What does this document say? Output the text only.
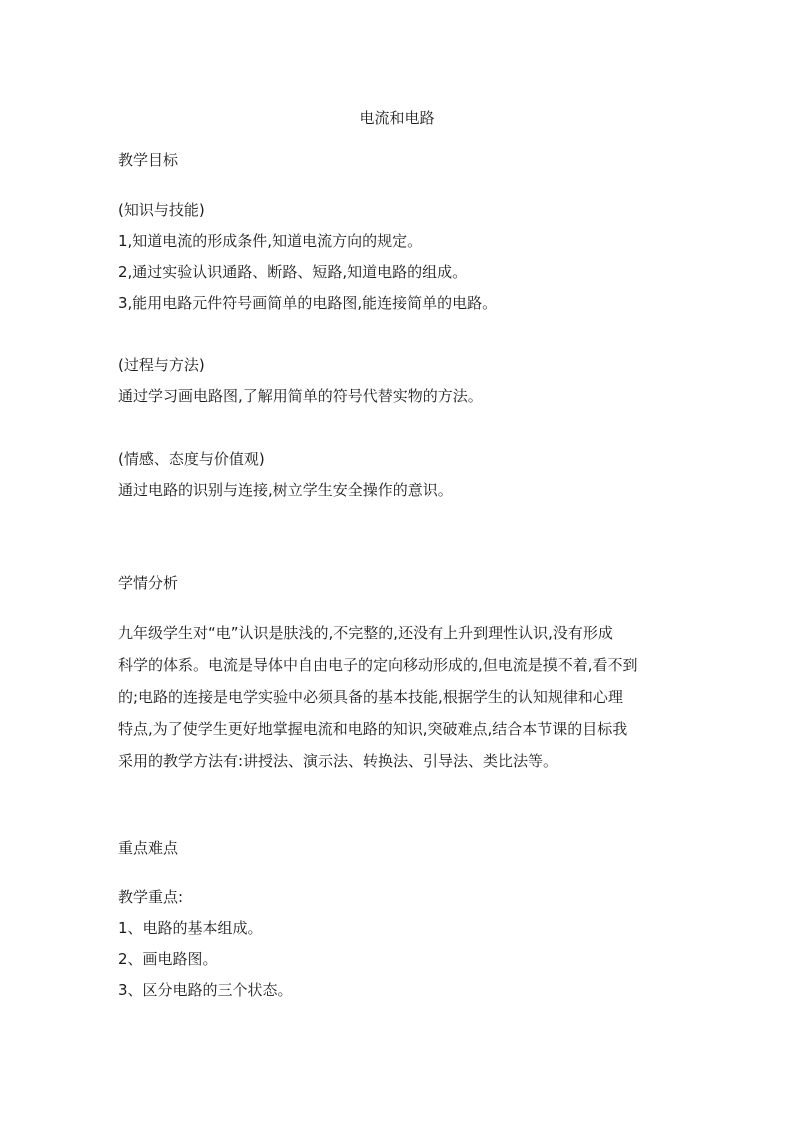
电流和电路

教学目标

(知识与技能)

1,知道电流的形成条件,知道电流方向的规定。

2,通过实验认识通路、断路、短路,知道电路的组成。

3,能用电路元件符号画简单的电路图,能连接简单的电路。

(过程与方法)

通过学习画电路图,了解用简单的符号代替实物的方法。

(情感、态度与价值观)

通过电路的识别与连接,树立学生安全操作的意识。

学情分析

九年级学生对“电”认识是肤浅的,不完整的,还没有上升到理性认识,没有形成
科学的体系。电流是导体中自由电子的定向移动形成的,但电流是摸不着,看不到
的;电路的连接是电学实验中必须具备的基本技能,根据学生的认知规律和心理
特点,为了使学生更好地掌握电流和电路的知识,突破难点,结合本节课的目标我
采用的教学方法有:讲授法、演示法、转换法、引导法、类比法等。

重点难点

教学重点:

1、电路的基本组成。

2、画电路图。

3、区分电路的三个状态。
